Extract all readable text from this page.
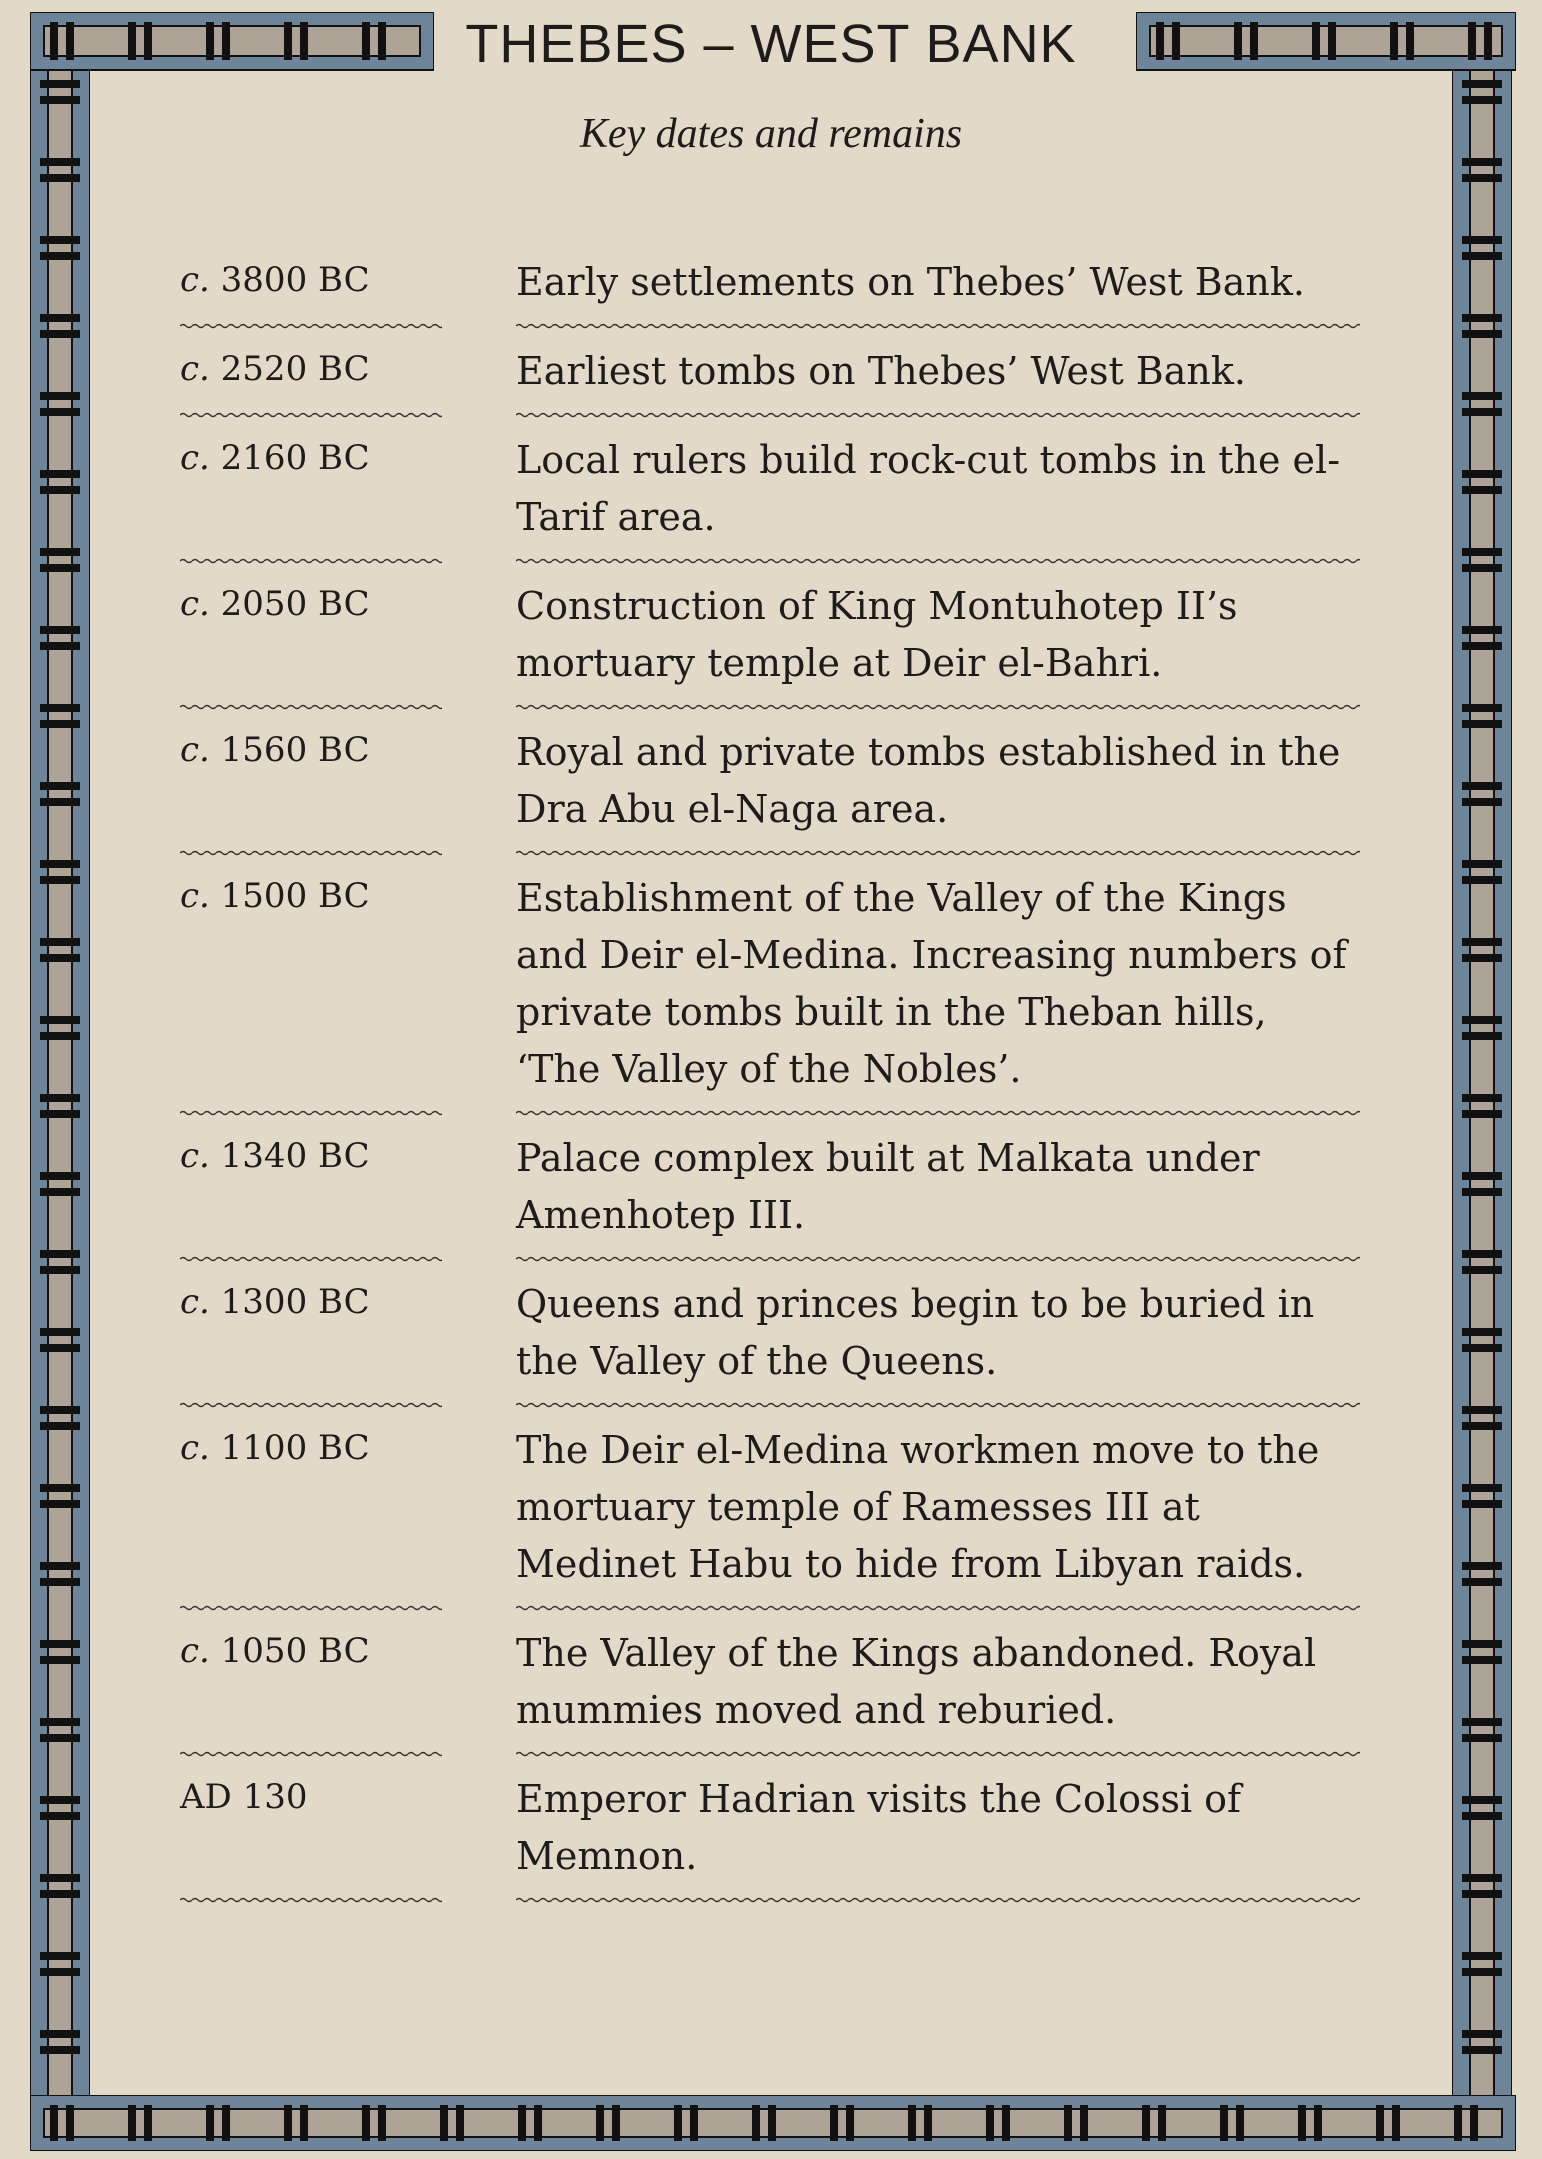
THEBES – WEST BANK
Key dates and remains
c. 3800 BC	Early settlements on Thebes’ West Bank.
c. 2520 BC	Earliest tombs on Thebes’ West Bank.
c. 2160 BC	Local rulers build rock-cut tombs in the el-Tarif area.
c. 2050 BC	Construction of King Montuhotep II’s mortuary temple at Deir el-Bahri.
c. 1560 BC	Royal and private tombs established in the Dra Abu el-Naga area.
c. 1500 BC	Establishment of the Valley of the Kings and Deir el-Medina. Increasing numbers of private tombs built in the Theban hills, ‘The Valley of the Nobles’.
c. 1340 BC	Palace complex built at Malkata under Amenhotep III.
c. 1300 BC	Queens and princes begin to be buried in the Valley of the Queens.
c. 1100 BC	The Deir el-Medina workmen move to the mortuary temple of Ramesses III at Medinet Habu to hide from Libyan raids.
c. 1050 BC	The Valley of the Kings abandoned. Royal mummies moved and reburied.
AD 130	Emperor Hadrian visits the Colossi of Memnon.
